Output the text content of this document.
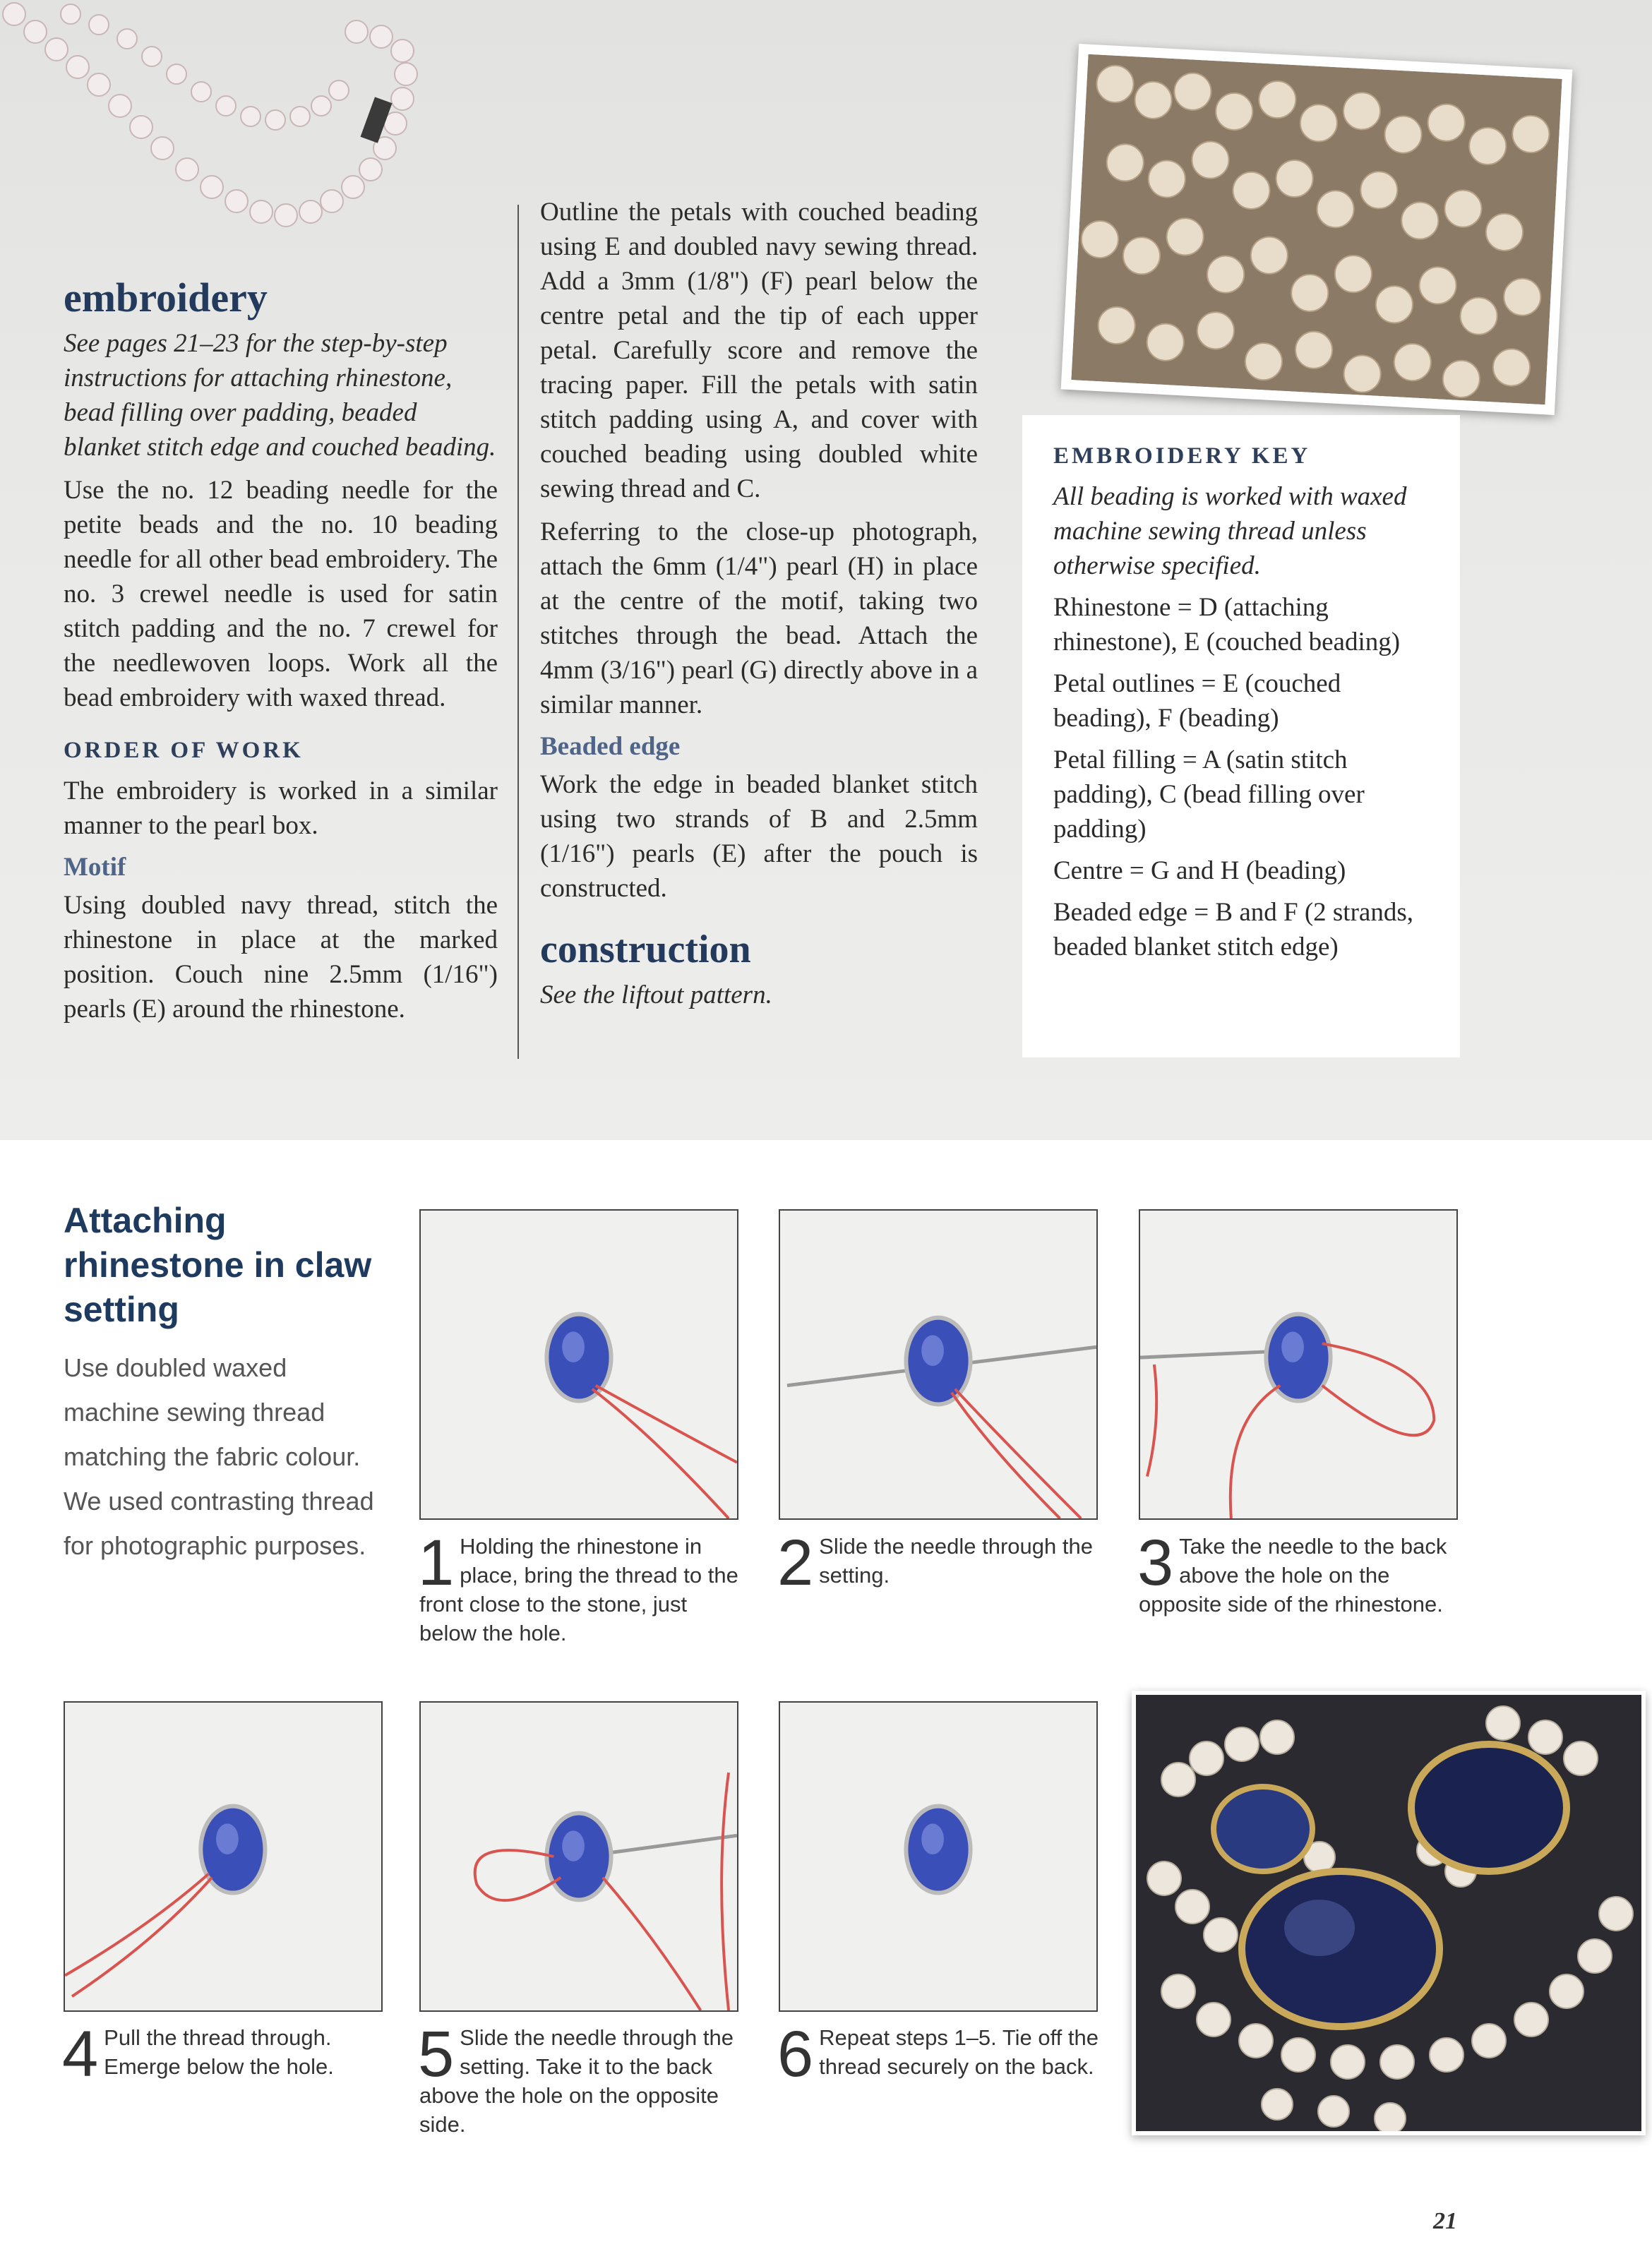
embroidery

See pages 21–23 for the step-by-step instructions for attaching rhinestone, bead filling over padding, beaded blanket stitch edge and couched beading.

Use the no. 12 beading needle for the petite beads and the no. 10 beading needle for all other bead embroidery. The no. 3 crewel needle is used for satin stitch padding and the no. 7 crewel for the needlewoven loops. Work all the bead embroidery with waxed thread.

ORDER OF WORK

The embroidery is worked in a similar manner to the pearl box.

Motif

Using doubled navy thread, stitch the rhinestone in place at the marked position. Couch nine 2.5mm (1/16") pearls (E) around the rhinestone.

Outline the petals with couched beading using E and doubled navy sewing thread. Add a 3mm (1/8") (F) pearl below the centre petal and the tip of each upper petal. Carefully score and remove the tracing paper. Fill the petals with satin stitch padding using A, and cover with couched beading using doubled white sewing thread and C.

Referring to the close-up photograph, attach the 6mm (1/4") pearl (H) in place at the centre of the motif, taking two stitches through the bead. Attach the 4mm (3/16") pearl (G) directly above in a similar manner.

Beaded edge

Work the edge in beaded blanket stitch using two strands of B and 2.5mm (1/16") pearls (E) after the pouch is constructed.

construction

See the liftout pattern.

EMBROIDERY KEY

All beading is worked with waxed machine sewing thread unless otherwise specified.

Rhinestone = D (attaching rhinestone), E (couched beading)

Petal outlines = E (couched beading), F (beading)

Petal filling = A (satin stitch padding), C (bead filling over padding)

Centre = G and H (beading)

Beaded edge = B and F (2 strands, beaded blanket stitch edge)

Attaching rhinestone in claw setting

Use doubled waxed machine sewing thread matching the fabric colour. We used contrasting thread for photographic purposes. 1 Holding the rhinestone in place, bring the thread to the front close to the stone, just below the hole.
2 Slide the needle through the setting.	3 Take the needle to the back above the hole on the opposite side of the rhinestone.
4 Pull the thread through. Emerge below the hole.	5 Slide the needle through the setting. Take it to the back above the hole on the opposite side.
6 Repeat steps 1–5. Tie off the thread securely on the back.
21
